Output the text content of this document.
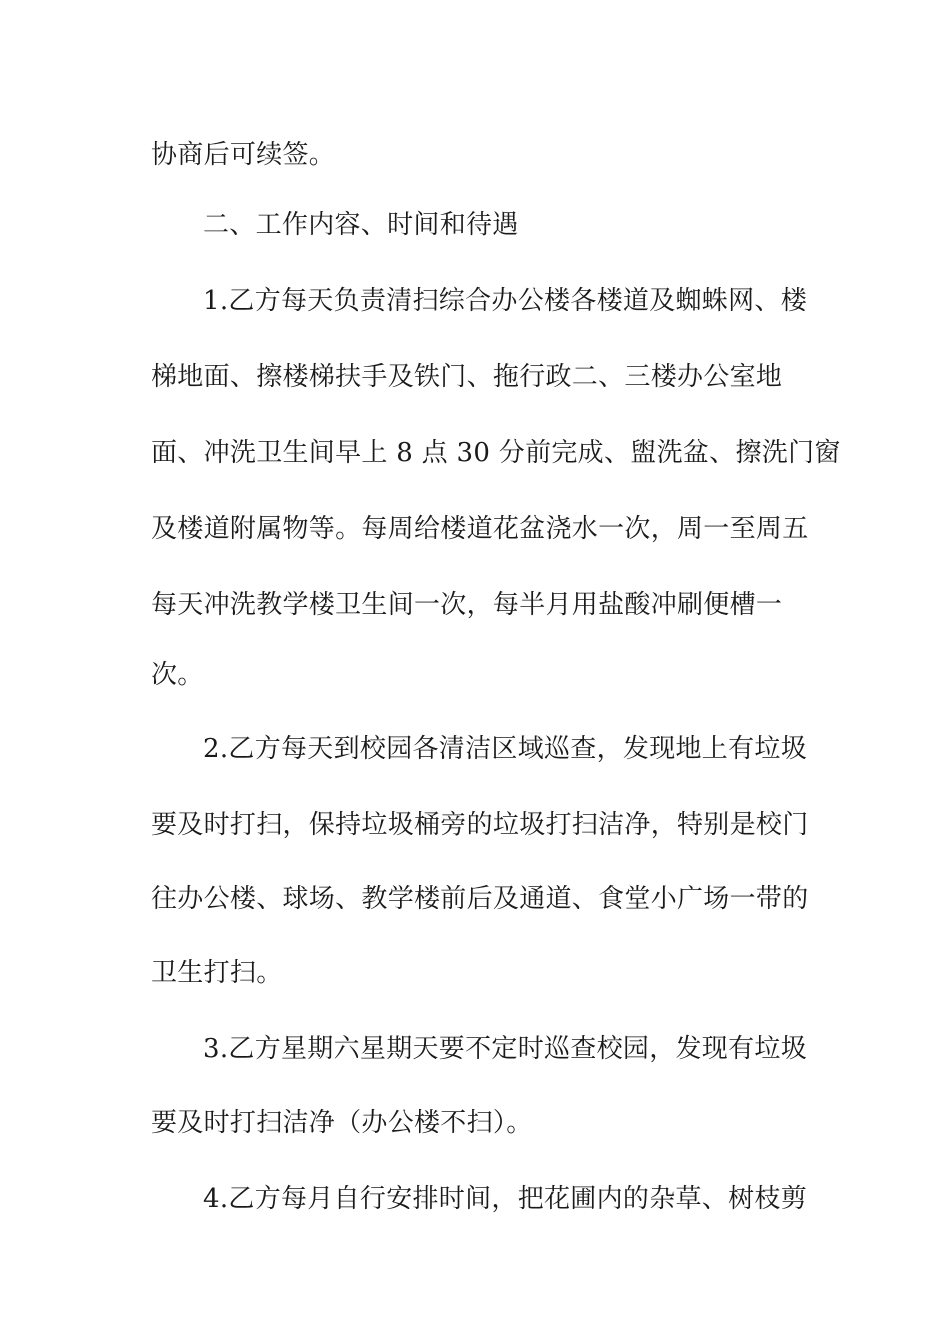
协商后可续签。

二、工作内容、时间和待遇

1.乙方每天负责清扫综合办公楼各楼道及蜘蛛网、楼

梯地面、擦楼梯扶手及铁门、拖行政二、三楼办公室地

面、冲洗卫生间早上 8 点 30 分前完成、盥洗盆、擦洗门窗

及楼道附属物等。每周给楼道花盆浇水一次，周一至周五

每天冲洗教学楼卫生间一次，每半月用盐酸冲刷便槽一

次。

2.乙方每天到校园各清洁区域巡查，发现地上有垃圾

要及时打扫，保持垃圾桶旁的垃圾打扫洁净，特别是校门

往办公楼、球场、教学楼前后及通道、食堂小广场一带的

卫生打扫。

3.乙方星期六星期天要不定时巡查校园，发现有垃圾

要及时打扫洁净（办公楼不扫）。

4.乙方每月自行安排时间，把花圃内的杂草、树枝剪
